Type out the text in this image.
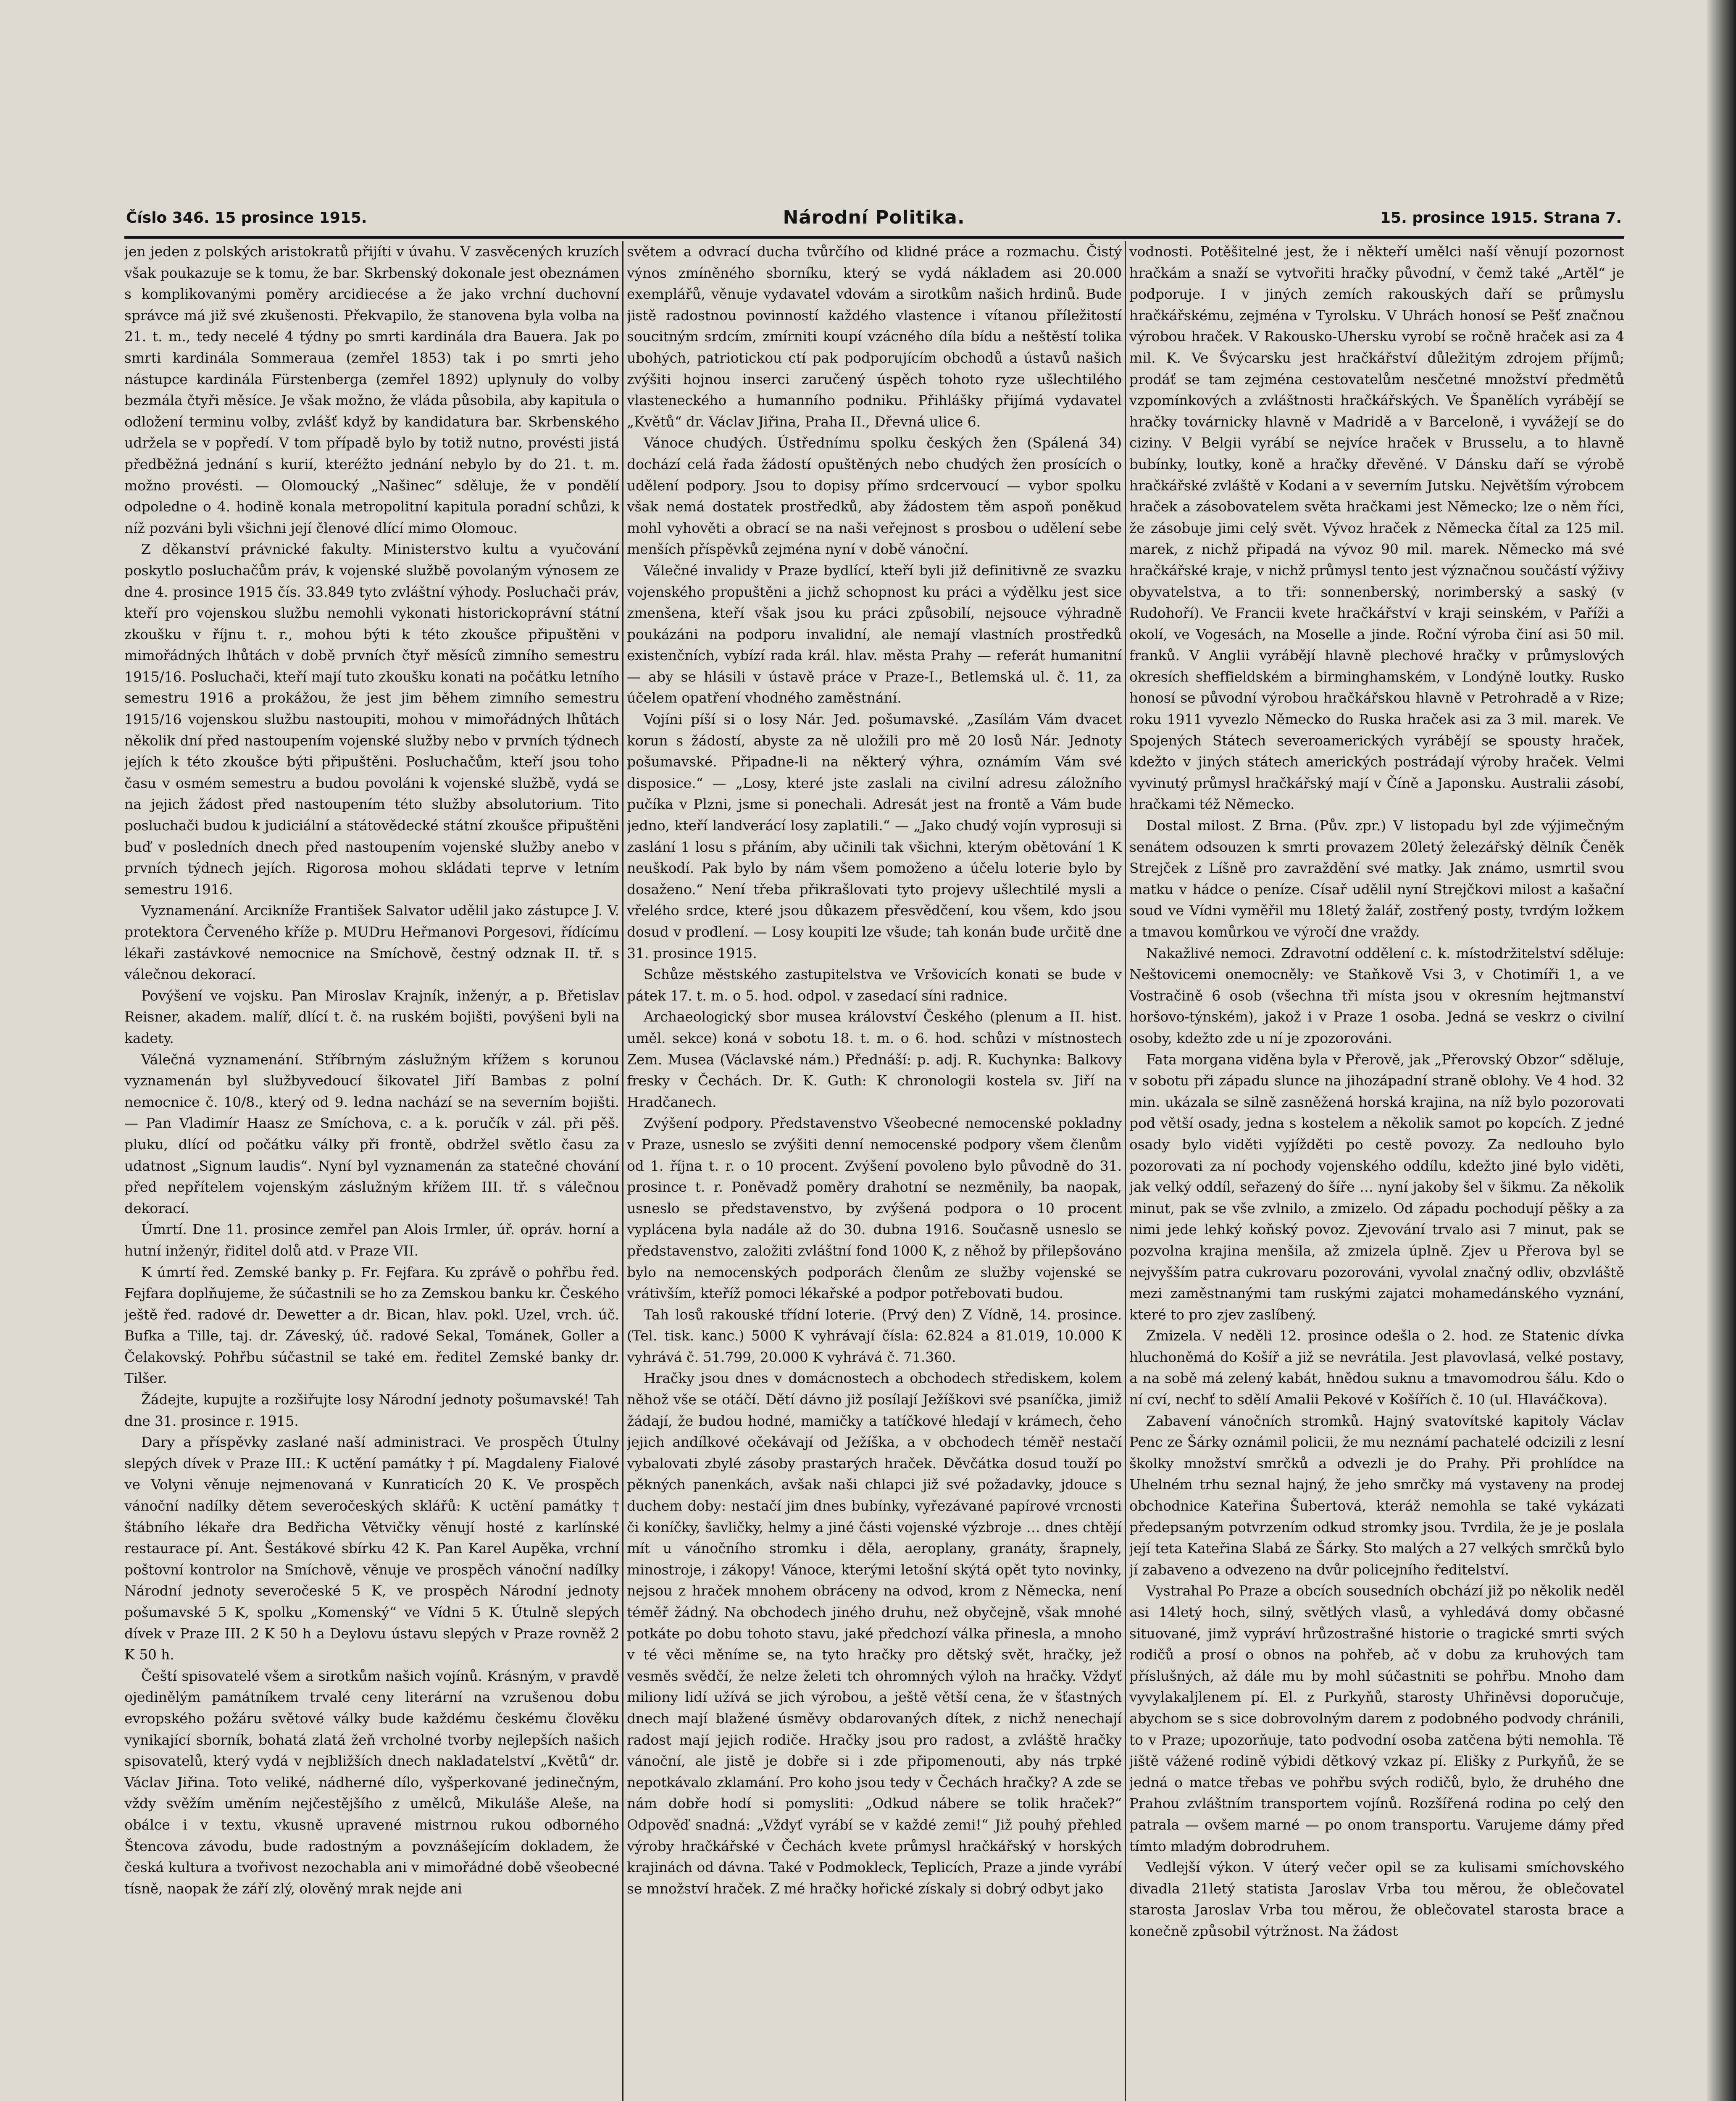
Číslo 346. 15 prosince 1915.	Národní Politika.	15. prosince 1915. Strana 7.

jen jeden z polských aristokratů přijíti v úvahu. V zasvěcených kruzích však poukazuje se k tomu, že bar. Skrbenský dokonale jest obeznámen s komplikovanými poměry arcidiecése a že jako vrchní duchovní správce má již své zkušenosti. Překvapilo, že stanovena byla volba na 21. t. m., tedy necelé 4 týdny po smrti kardinála dra Bauera. Jak po smrti kardinála Sommerauа (zemřel 1853) tak i po smrti jeho nástupce kardinála Fürstenberga (zemřel 1892) uplynuly do volby bezmála čtyři měsíce. Je však možno, že vláda působila, aby kapitula o odložení terminu volby, zvlášť když by kandidatura bar. Skrbenského udržela se v popředí. V tom případě bylo by totiž nutno, provésti jistá předběžná jednání s kurií, kteréžto jednání nebylo by do 21. t. m. možno provésti. — Olomoucký „Našinec“ sděluje, že v pondělí odpoledne o 4. hodině konala metropolitní kapitula poradní schůzi, k níž pozváni byli všichni její členové dlící mimo Olomouc.

Z děkanství právnické fakulty. Ministerstvo kultu a vyučování poskytlo posluchačům práv, k vojenské službě povolaným výnosem ze dne 4. prosince 1915 čís. 33.849 tyto zvláštní výhody. Posluchači práv, kteří pro vojenskou službu nemohli vykonati historickoprávní státní zkoušku v říjnu t. r., mohou býti k této zkoušce připuštěni v mimořádných lhůtách v době prvních čtyř měsíců zimního semestru 1915/16. Posluchači, kteří mají tuto zkoušku konati na počátku letního semestru 1916 a prokážou, že jest jim během zimního semestru 1915/16 vojenskou službu nastoupiti, mohou v mimořádných lhůtách několik dní před nastoupením vojenské služby nebo v prvních týdnech jejích k této zkoušce býti připuštěni. Posluchačům, kteří jsou toho času v osmém semestru a budou povoláni k vojenské službě, vydá se na jejich žádost před nastoupením této služby absolutorium. Tito posluchači budou k judiciální a státovědecké státní zkoušce připuštěni buď v posledních dnech před nastoupením vojenské služby anebo v prvních týdnech jejích. Rigorosa mohou skládati teprve v letním semestru 1916.

Vyznamenání. Arcikníže František Salvator udělil jako zástupce J. V. protektora Červeného kříže p. MUDru Heřmanovi Porgesovi, řídícímu lékaři zastávkové nemocnice na Smíchově, čestný odznak II. tř. s válečnou dekorací.

Povýšení ve vojsku. Pan Miroslav Krajník, inženýr, a p. Břetislav Reisner, akadem. malíř, dlící t. č. na ruském bojišti, povýšeni byli na kadety.

Válečná vyznamenání. Stříbrným záslužným křížem s korunou vyznamenán byl službyvedoucí šikovatel Jiří Bambas z polní nemocnice č. 10/8., který od 9. ledna nachází se na severním bojišti. — Pan Vladimír Haasz ze Smíchova, c. a k. poručík v zál. při pěš. pluku, dlící od počátku války při frontě, obdržel světlo času za udatnost „Signum laudis“. Nyní byl vyznamenán za statečné chování před nepřítelem vojenským záslužným křížem III. tř. s válečnou dekorací.

Úmrtí. Dne 11. prosince zemřel pan Alois Irmler, úř. opráv. horní a hutní inženýr, řiditel dolů atd. v Praze VII.

K úmrtí řed. Zemské banky p. Fr. Fejfara. Ku zprávě o pohřbu řed. Fejfara doplňujeme, že súčastnili se ho za Zemskou banku kr. Českého ještě řed. radové dr. Dewetter a dr. Bican, hlav. pokl. Uzel, vrch. úč. Bufka a Tille, taj. dr. Záveský, úč. radové Sekal, Tománek, Goller a Čelakovský. Pohřbu súčastnil se také em. ředitel Zemské banky dr. Tilšer.

Žádejte, kupujte a rozšiřujte losy Národní jednoty pošumavské! Tah dne 31. prosince r. 1915.

Dary a příspěvky zaslané naší administraci. Ve prospěch Útulny slepých dívek v Praze III.: K uctění památky † pí. Magdaleny Fialové ve Volyni věnuje nejmenovaná v Kunraticích 20 K. Ve prospěch vánoční nadílky dětem severočeských sklářů: K uctění památky † štábního lékaře dra Bedřicha Větvičky věnují hosté z karlínské restaurace pí. Ant. Šestákové sbírku 42 K. Pan Karel Aupěka, vrchní poštovní kontrolor na Smíchově, věnuje ve prospěch vánoční nadílky Národní jednoty severočeské 5 K, ve prospěch Národní jednoty pošumavské 5 K, spolku „Komenský“ ve Vídni 5 K. Útulně slepých dívek v Praze III. 2 K 50 h a Deylovu ústavu slepých v Praze rovněž 2 K 50 h.

Čeští spisovatelé všem a sirotkům našich vojínů. Krásným, v pravdě ojedinělým památníkem trvalé ceny literární na vzrušenou dobu evropského požáru světové války bude každému českému člověku vynikající sborník, bohatá zlatá žeň vrcholné tvorby nejlepších našich spisovatelů, který vydá v nejbližších dnech nakladatelství „Květů“ dr. Václav Jiřina. Toto veliké, nádherné dílo, vyšperkované jedinečným, vždy svěžím uměním nejčestějšího z umělců, Mikuláše Aleše, na obálce i v textu, vkusně upravené mistrnou rukou odborného Štencova závodu, bude radostným a povznášejícím dokladem, že česká kultura a tvořivost nezochabla ani v mimořádné době všeobecné tísně, naopak že září zlý, olověný mrak nejde ani

světem a odvrací ducha tvůrčího od klidné práce a rozmachu. Čistý výnos zmíněného sborníku, který se vydá nákladem asi 20.000 exemplářů, věnuje vydavatel vdovám a sirotkům našich hrdinů. Bude jistě radostnou povinností každého vlastence i vítanou příležitostí soucitným srdcím, zmírniti koupí vzácného díla bídu a neštěstí tolika ubohých, patriotickou ctí pak podporujícím obchodů a ústavů našich zvýšiti hojnou inserci zaručený úspěch tohoto ryze ušlechtilého vlasteneckého a humanního podniku. Přihlášky přijímá vydavatel „Květů“ dr. Václav Jiřina, Praha II., Dřevná ulice 6.

Vánoce chudých. Ústřednímu spolku českých žen (Spálená 34) dochází celá řada žádostí opuštěných nebo chudých žen prosících o udělení podpory. Jsou to dopisy přímo srdcervoucí — vybor spolku však nemá dostatek prostředků, aby žádostem těm aspoň poněkud mohl vyhověti a obrací se na naši veřejnost s prosbou o udělení sebe menších příspěvků zejména nyní v době vánoční.

Válečné invalidy v Praze bydlící, kteří byli již definitivně ze svazku vojenského propuštěni a jichž schopnost ku práci a výdělku jest sice zmenšena, kteří však jsou ku práci způsobilí, nejsouce výhradně poukázáni na podporu invalidní, ale nemají vlastních prostředků existenčních, vybízí rada král. hlav. města Prahy — referát humanitní — aby se hlásili v ústavě práce v Praze-I., Betlemská ul. č. 11, za účelem opatření vhodného zaměstnání.

Vojíni píší si o losy Nár. Jed. pošumavské. „Zasílám Vám dvacet korun s žádostí, abyste za ně uložili pro mě 20 losů Nár. Jednoty pošumavské. Připadne-li na některý výhra, oznámím Vám své disposice.“ — „Losy, které jste zaslali na civilní adresu záložního pučíka v Plzni, jsme si ponechali. Adresát jest na frontě a Vám bude jedno, kteří landverácí losy zaplatili.“ — „Jako chudý vojín vyprosuji si zaslání 1 losu s přáním, aby učinili tak všichni, kterým obětování 1 K neuškodí. Pak bylo by nám všem pomoženo a účelu loterie bylo by dosaženo.“ Není třeba přikrašlovati tyto projevy ušlechtilé mysli a vřelého srdce, které jsou důkazem přesvědčení, kou všem, kdo jsou dosud v prodlení. — Losy koupiti lze všude; tah konán bude určitě dne 31. prosince 1915.

Schůze městského zastupitelstva ve Vršovicích konati se bude v pátek 17. t. m. o 5. hod. odpol. v zasedací síni radnice.

Archaeologický sbor musea království Českého (plenum a II. hist. uměl. sekce) koná v sobotu 18. t. m. o 6. hod. schůzi v místnostech Zem. Musea (Václavské nám.) Přednáší: p. adj. R. Kuchynka: Balkovy fresky v Čechách. Dr. K. Guth: K chronologii kostela sv. Jiří na Hradčanech.

Zvýšení podpory. Představenstvo Všeobecné nemocenské pokladny v Praze, usneslo se zvýšiti denní nemocenské podpory všem členům od 1. října t. r. o 10 procent. Zvýšení povoleno bylo původně do 31. prosince t. r. Poněvadž poměry drahotní se nezměnily, ba naopak, usneslo se představenstvo, by zvýšená podpora o 10 procent vyplácena byla nadále až do 30. dubna 1916. Současně usneslo se představenstvo, založiti zvláštní fond 1000 K, z něhož by přilepšováno bylo na nemocenských podporách členům ze služby vojenské se vrátivším, kteříž pomoci lékařské a podpor potřebovati budou.

Tah losů rakouské třídní loterie. (Prvý den) Z Vídně, 14. prosince. (Tel. tisk. kanc.) 5000 K vyhrávají čísla: 62.824 a 81.019, 10.000 K vyhrává č. 51.799, 20.000 K vyhrává č. 71.360.

Hračky jsou dnes v domácnostech a obchodech střediskem, kolem něhož vše se otáčí. Dětí dávno již posílají Ježíškovi své psaníčka, jimiž žádají, že budou hodné, mamičky a tatíčkové hledají v krámech, čeho jejich andílkové očekávají od Ježíška, a v obchodech téměř nestačí vybalovati zbylé zásoby prastarých hraček. Děvčátka dosud touží po pěkných panenkách, avšak naši chlapci již své požadavky, jdouce s duchem doby: nestačí jim dnes bubínky, vyřezávané papírové vrcnosti či koníčky, šavličky, helmy a jiné části vojenské výzbroje … dnes chtějí mít u vánočního stromku i děla, aeroplany, granáty, šrapnely, minostroje, i zákopy! Vánoce, kterými letošní skýtá opět tyto novinky, nejsou z hraček mnohem obráceny na odvod, krom z Německa, není téměř žádný. Na obchodech jiného druhu, než obyčejně, však mnohé potkáte po dobu tohoto stavu, jaké předchozí válka přinesla, a mnoho v té věci měníme se, na tyto hračky pro dětský svět, hračky, jež vesměs svědčí, že nelze želeti tch ohromných výloh na hračky. Vždyť miliony lidí užívá se jich výrobou, a ještě větší cena, že v šťastných dnech mají blažené úsměvy obdarovaných dítek, z nichž nenechají radost mají jejich rodiče. Hračky jsou pro radost, a zvláště hračky vánoční, ale jistě je dobře si i zde připomenouti, aby nás trpké nepotkávalo zklamání. Pro koho jsou tedy v Čechách hračky? A zde se nám dobře hodí si pomysliti: „Odkud nábere se tolik hraček?“ Odpověď snadná: „Vždyť vyrábí se v každé zemi!“ Již pouhý přehled výroby hračkářské v Čechách kvete průmysl hračkářský v horských krajinách od dávna. Také v Podmokleck, Teplicích, Praze a jinde vyrábí se množství hraček. Z mé hračky hořické získaly si dobrý odbyt jako

vodnosti. Potěšitelné jest, že i někteří umělci naší věnují pozornost hračkám a snaží se vytvořiti hračky původní, v čemž také „Artěl“ je podporuje. I v jiných zemích rakouských daří se průmyslu hračkářskému, zejména v Tyrolsku. V Uhrách honosí se Pešť značnou výrobou hraček. V Rakousko-Uhersku vyrobí se ročně hraček asi za 4 mil. K. Ve Švýcarsku jest hračkářství důležitým zdrojem příjmů; prodáť se tam zejména cestovatelům nesčetné množství předmětů vzpomínkových a zvláštnosti hračkářských. Ve Španělích vyrábějí se hračky továrnicky hlavně v Madridě a v Barceloně, i vyvážejí se do ciziny. V Belgii vyrábí se nejvíce hraček v Brusselu, a to hlavně bubínky, loutky, koně a hračky dřevěné. V Dánsku daří se výrobě hračkářské zvláště v Kodani a v severním Jutsku. Největším výrobcem hraček a zásobovatelem světa hračkami jest Německo; lze o něm říci, že zásobuje jimi celý svět. Vývoz hraček z Německa čítal za 125 mil. marek, z nichž připadá na vývoz 90 mil. marek. Německo má své hračkářské kraje, v nichž průmysl tento jest význačnou součástí výživy obyvatelstva, a to tři: sonnenberský, norimberský a saský (v Rudohoří). Ve Francii kvete hračkářství v kraji seinském, v Paříži a okolí, ve Vogesách, na Moselle a jinde. Roční výroba činí asi 50 mil. franků. V Anglii vyrábějí hlavně plechové hračky v průmyslových okresích sheffieldském a birminghamském, v Londýně loutky. Rusko honosí se původní výrobou hračkářskou hlavně v Petrohradě a v Rize; roku 1911 vyvezlo Německo do Ruska hraček asi za 3 mil. marek. Ve Spojených Státech severoamerických vyrábějí se spousty hraček, kdežto v jiných státech amerických postrádají výroby hraček. Velmi vyvinutý průmysl hračkářský mají v Číně a Japonsku. Australii zásobí, hračkami též Německo.

Dostal milost. Z Brna. (Pův. zpr.) V listopadu byl zde výjimečným senátem odsouzen k smrti provazem 20letý železářský dělník Čeněk Strejček z Líšně pro zavraždění své matky. Jak známo, usmrtil svou matku v hádce o peníze. Císař udělil nyní Strejčkovi milost a kašační soud ve Vídni vyměřil mu 18letý žalář, zostřený posty, tvrdým ložkem a tmavou komůrkou ve výročí dne vraždy.

Nakažlivé nemoci. Zdravotní oddělení c. k. místodržitelství sděluje: Neštovicemi onemocněly: ve Staňkově Vsi 3, v Chotimíři 1, a ve Vostračině 6 osob (všechna tři místa jsou v okresním hejtmanství horšovo-týnském), jakož i v Praze 1 osoba. Jedná se veskrz o civilní osoby, kdežto zde u ní je zpozorováni.

Fata morgana viděna byla v Přerově, jak „Přerovský Obzor“ sděluje, v sobotu při západu slunce na jihozápadní straně oblohy. Ve 4 hod. 32 min. ukázala se silně zasněžená horská krajina, na níž bylo pozorovati pod větší osady, jedna s kostelem a několik samot po kopcích. Z jedné osady bylo viděti vyjížděti po cestě povozy. Za nedlouho bylo pozorovati za ní pochody vojenského oddílu, kdežto jiné bylo viděti, jak velký oddíl, seřazený do šíře … nyní jakoby šel v šikmu. Za několik minut, pak se vše zvlnilo, a zmizelo. Od západu pochodují pěšky a za nimi jede lehký koňský povoz. Zjevování trvalo asi 7 minut, pak se pozvolna krajina menšila, až zmizela úplně. Zjev u Přerova byl se nejvyšším patra cukrovaru pozorováni, vyvolal značný odliv, obzvláště mezi zaměstnanými tam ruskými zajatci mohamedánského vyznání, které to pro zjev zaslíbený.

Zmizela. V neděli 12. prosince odešla o 2. hod. ze Statenic dívka hluchoněmá do Košíř a již se nevrátila. Jest plavovlasá, velké postavy, a na sobě má zelený kabát, hnědou suknu a tmavomodrou šálu. Kdo o ní cví, nechť to sdělí Amalii Pekové v Košířích č. 10 (ul. Hlaváčkova).

Zabavení vánočních stromků. Hajný svatovítské kapitoly Václav Penc ze Šárky oznámil policii, že mu neznámí pachatelé odcizili z lesní školky množství smrčků a odvezli je do Prahy. Při prohlídce na Uhelném trhu seznal hajný, že jeho smrčky má vystaveny na prodej obchodnice Kateřina Šubertová, kteráž nemohla se také vykázati předepsaným potvrzením odkud stromky jsou. Tvrdila, že je je poslala její teta Kateřina Slabá ze Šárky. Sto malých a 27 velkých smrčků bylo jí zabaveno a odvezeno na dvůr policejního ředitelství.

Vystrahal Po Praze a obcích sousedních obchází již po několik neděl asi 14letý hoch, silný, světlých vlasů, a vyhledává domy občasné situované, jimž vypráví hrůzostrašné historie o tragické smrti svých rodičů a prosí o obnos na pohřeb, ač v dobu za kruhových tam příslušných, až dále mu by mohl súčastniti se pohřbu. Mnoho dam vyvylakaljlenem pí. El. z Purkyňů, starosty Uhřiněvsi doporučuje, abychom se s sice dobrovolným darem z podobného podvody chránili, to v Praze; upozorňuje, tato podvodní osoba zatčena býti nemohla. Tě jiště vážené rodině výbidi dětkový vzkaz pí. Elišky z Purkyňů, že se jedná o matce třebas ve pohřbu svých rodičů, bylo, že druhého dne Prahou zvláštním transportem vojínů. Rozšířená rodina po celý den patrala — ovšem marné — po onom transportu. Varujeme dámy před tímto mladým dobrodruhem.

Vedlejší výkon. V úterý večer opil se za kulisami smíchovského divadla 21letý statista Jaroslav Vrba tou měrou, že oblečovatel starosta Jaroslav Vrba tou měrou, že oblečovatel starosta brace a konečně způsobil výtržnost. Na žádost
